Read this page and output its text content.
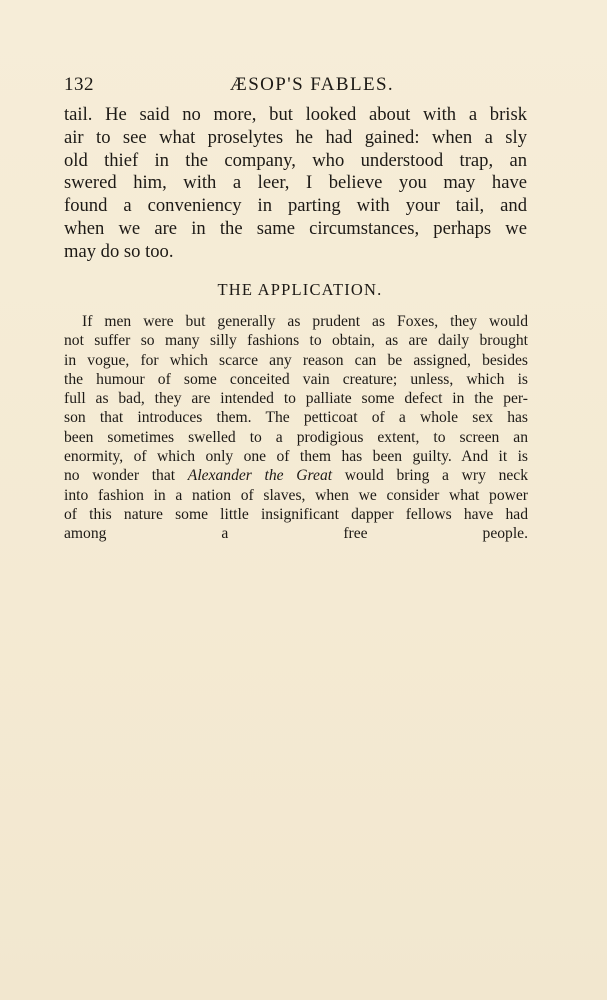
132	ÆSOP'S FABLES.
tail. He said no more, but looked about with a brisk
air to see what proselytes he had gained: when a sly
old thief in the company, who understood trap, an
swered him, with a leer, I believe you may have
found a conveniency in parting with your tail, and
when we are in the same circumstances, perhaps we
may do so too.
THE APPLICATION.
If men were but generally as prudent as Foxes, they would
not suffer so many silly fashions to obtain, as are daily brought
in vogue, for which scarce any reason can be assigned, besides
the humour of some conceited vain creature; unless, which is
full as bad, they are intended to palliate some defect in the per-
son that introduces them. The petticoat of a whole sex has
been sometimes swelled to a prodigious extent, to screen an
enormity, of which only one of them has been guilty. And it is
no wonder that Alexander the Great would bring a wry neck
into fashion in a nation of slaves, when we consider what power
of this nature some little insignificant dapper fellows have had
among a free people.
